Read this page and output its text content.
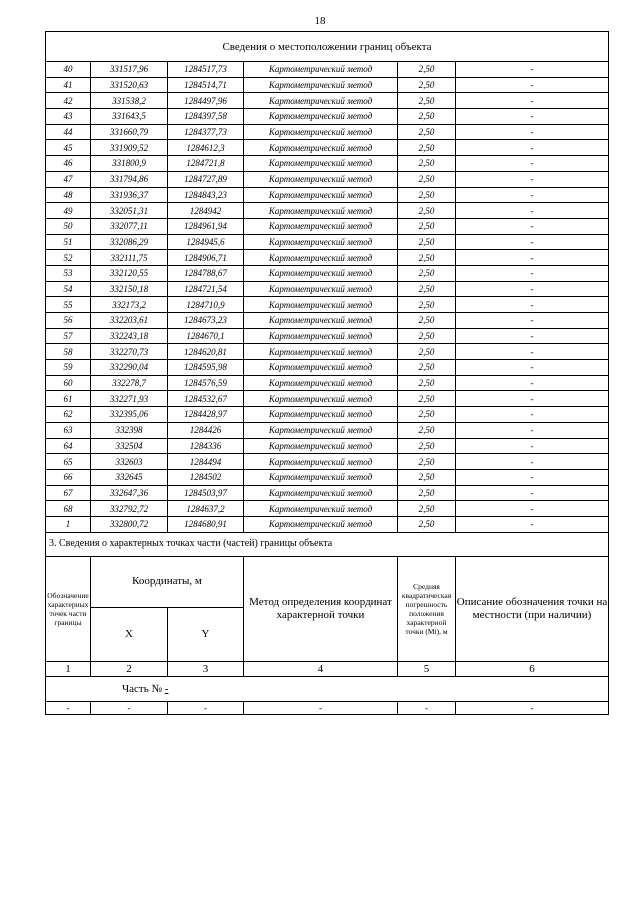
18
Сведения о местоположении границ объекта					
40	331517,96	1284517,73	Картометрический метод	2,50	-
41	331520,63	1284514,71	Картометрический метод	2,50	-
42	331538,2	1284497,96	Картометрический метод	2,50	-
43	331643,5	1284397,58	Картометрический метод	2,50	-
44	331660,79	1284377,73	Картометрический метод	2,50	-
45	331909,52	1284612,3	Картометрический метод	2,50	-
46	331800,9	1284721,8	Картометрический метод	2,50	-
47	331794,86	1284727,89	Картометрический метод	2,50	-
48	331936,37	1284843,23	Картометрический метод	2,50	-
49	332051,31	1284942	Картометрический метод	2,50	-
50	332077,11	1284961,94	Картометрический метод	2,50	-
51	332086,29	1284945,6	Картометрический метод	2,50	-
52	332111,75	1284906,71	Картометрический метод	2,50	-
53	332120,55	1284788,67	Картометрический метод	2,50	-
54	332150,18	1284721,54	Картометрический метод	2,50	-
55	332173,2	1284710,9	Картометрический метод	2,50	-
56	332203,61	1284673,23	Картометрический метод	2,50	-
57	332243,18	1284670,1	Картометрический метод	2,50	-
58	332270,73	1284620,81	Картометрический метод	2,50	-
59	332290,04	1284595,98	Картометрический метод	2,50	-
60	332278,7	1284576,59	Картометрический метод	2,50	-
61	332271,93	1284532,67	Картометрический метод	2,50	-
62	332395,06	1284428,97	Картометрический метод	2,50	-
63	332398	1284426	Картометрический метод	2,50	-
64	332504	1284336	Картометрический метод	2,50	-
65	332603	1284494	Картометрический метод	2,50	-
66	332645	1284502	Картометрический метод	2,50	-
67	332647,36	1284503,97	Картометрический метод	2,50	-
68	332792,72	1284637,2	Картометрический метод	2,50	-
1	332800,72	1284680,91	Картометрический метод	2,50	-
3. Сведения о характерных точках части (частей) границы объекта					
Обозначение характерных точек части границы	Координаты, м		Метод определения координат характерной точки	Средняя квадратическая погрешность положения характерной точки (Mt), м	Описание обозначения точки на местности (при наличии)
	X	Y			
1	2	3	4	5	6
Часть № -					
-	-	-	-	-	-
